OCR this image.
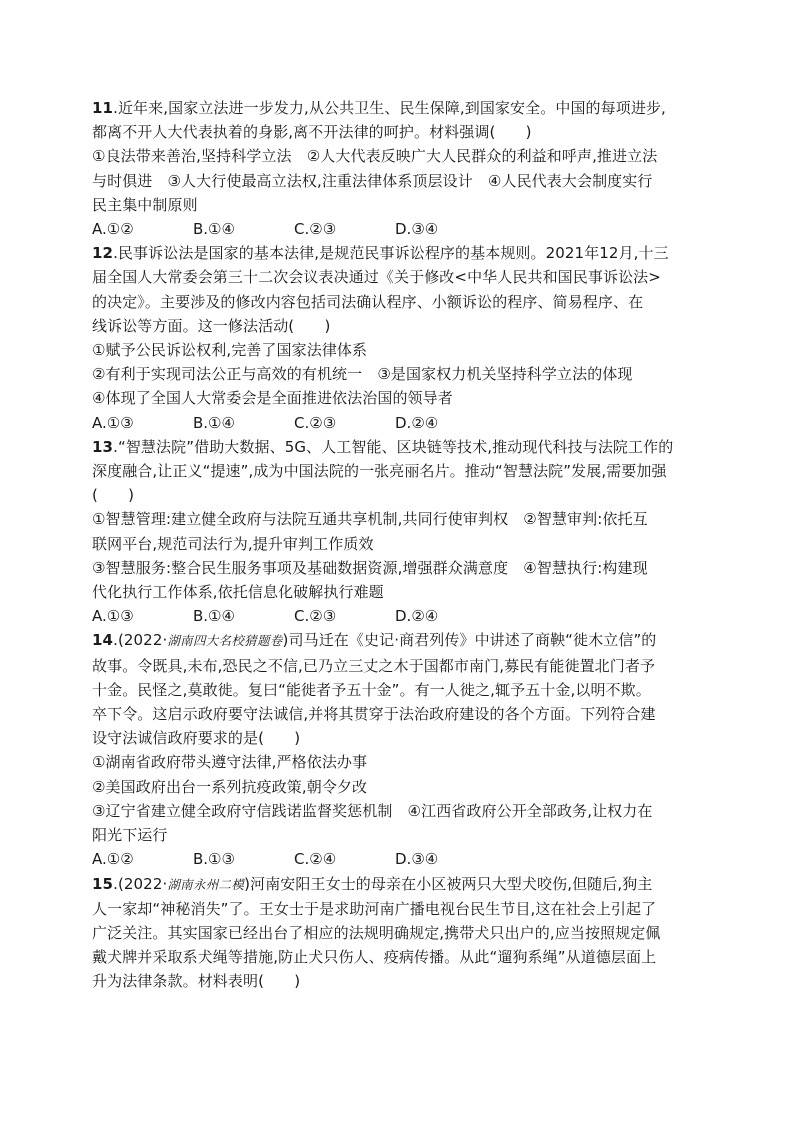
11.近年来,国家立法进一步发力,从公共卫生、民生保障,到国家安全。中国的每项进步,
都离不开人大代表执着的身影,离不开法律的呵护。材料强调(　　)
①良法带来善治,坚持科学立法　②人大代表反映广大人民群众的利益和呼声,推进立法
与时俱进　③人大行使最高立法权,注重法律体系顶层设计　④人民代表大会制度实行
民主集中制原则
A.①②	B.①④	C.②③	D.③④
12.民事诉讼法是国家的基本法律,是规范民事诉讼程序的基本规则。2021年12月,十三
届全国人大常委会第三十二次会议表决通过《关于修改<中华人民共和国民事诉讼法>
的决定》。主要涉及的修改内容包括司法确认程序、小额诉讼的程序、简易程序、在
线诉讼等方面。这一修法活动(　　)
①赋予公民诉讼权利,完善了国家法律体系
②有利于实现司法公正与高效的有机统一　③是国家权力机关坚持科学立法的体现
④体现了全国人大常委会是全面推进依法治国的领导者
A.①③	B.①④	C.②③	D.②④
13.“智慧法院”借助大数据、5G、人工智能、区块链等技术,推动现代科技与法院工作的
深度融合,让正义“提速”,成为中国法院的一张亮丽名片。推动“智慧法院”发展,需要加强
(　　)
①智慧管理:建立健全政府与法院互通共享机制,共同行使审判权　②智慧审判:依托互
联网平台,规范司法行为,提升审判工作质效
③智慧服务:整合民生服务事项及基础数据资源,增强群众满意度　④智慧执行:构建现
代化执行工作体系,依托信息化破解执行难题
A.①③	B.①④	C.②③	D.②④
14.(2022·湖南四大名校猜题卷)司马迁在《史记·商君列传》中讲述了商鞅“徙木立信”的
故事。令既具,未布,恐民之不信,已乃立三丈之木于国都市南门,募民有能徙置北门者予
十金。民怪之,莫敢徙。复曰“能徙者予五十金”。有一人徙之,辄予五十金,以明不欺。
卒下令。这启示政府要守法诚信,并将其贯穿于法治政府建设的各个方面。下列符合建
设守法诚信政府要求的是(　　)
①湖南省政府带头遵守法律,严格依法办事
②美国政府出台一系列抗疫政策,朝令夕改
③辽宁省建立健全政府守信践诺监督奖惩机制　④江西省政府公开全部政务,让权力在
阳光下运行
A.①②	B.①③	C.②④	D.③④
15.(2022·湖南永州二模)河南安阳王女士的母亲在小区被两只大型犬咬伤,但随后,狗主
人一家却“神秘消失”了。王女士于是求助河南广播电视台民生节目,这在社会上引起了
广泛关注。其实国家已经出台了相应的法规明确规定,携带犬只出户的,应当按照规定佩
戴犬牌并采取系犬绳等措施,防止犬只伤人、疫病传播。从此“遛狗系绳”从道德层面上
升为法律条款。材料表明(　　)
